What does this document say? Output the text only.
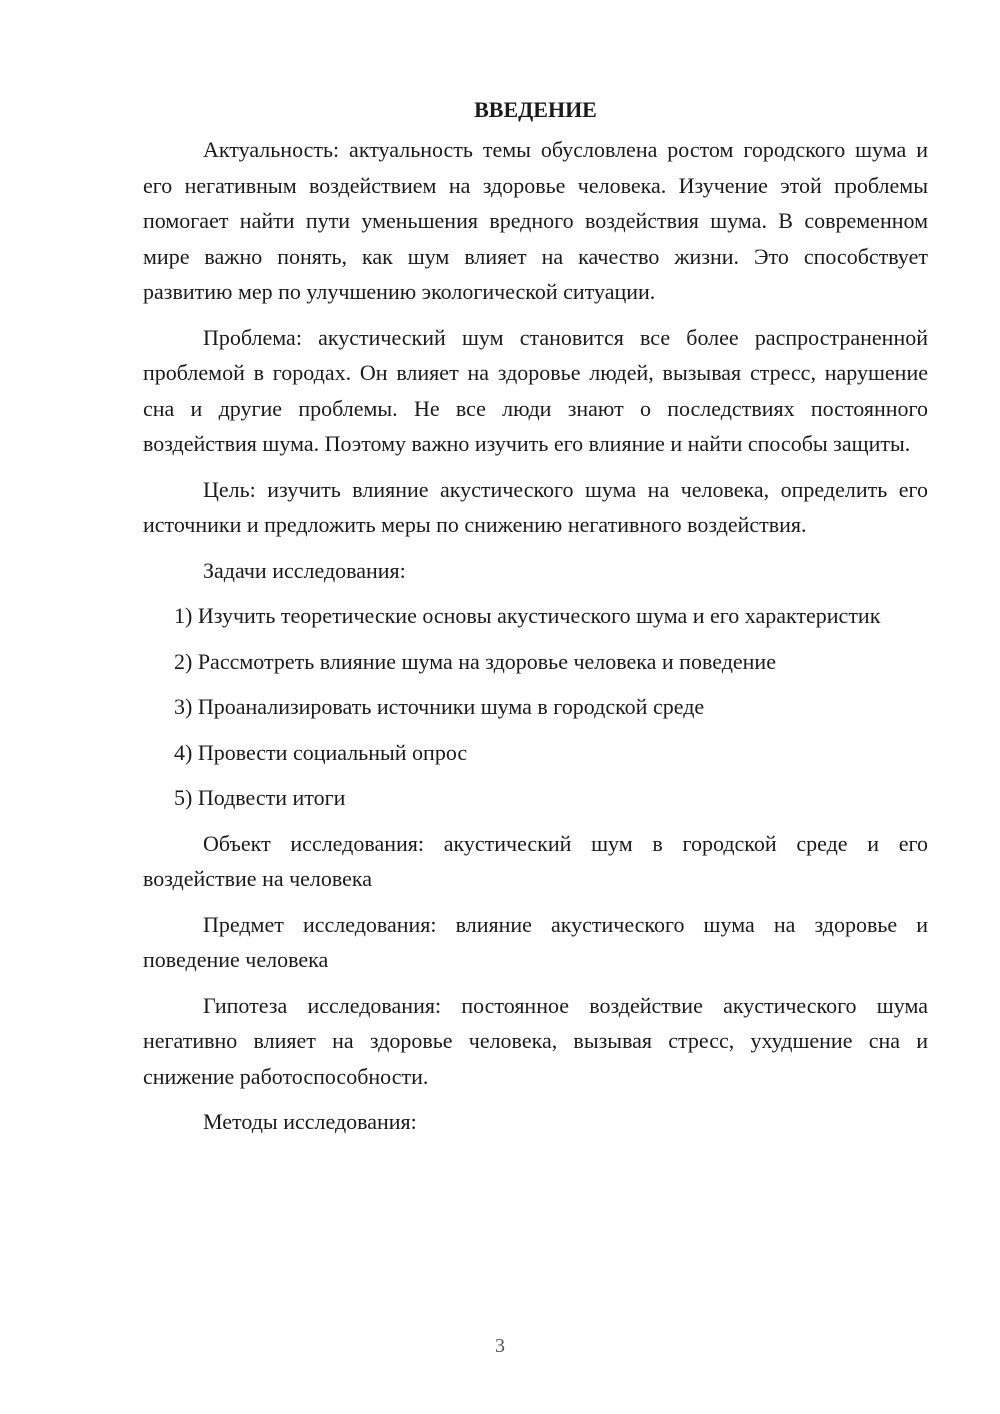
ВВЕДЕНИЕ

Актуальность: актуальность темы обусловлена ростом городского шума и его негативным воздействием на здоровье человека. Изучение этой проблемы помогает найти пути уменьшения вредного воздействия шума. В современном мире важно понять, как шум влияет на качество жизни. Это способствует развитию мер по улучшению экологической ситуации.

Проблема: акустический шум становится все более распространенной проблемой в городах. Он влияет на здоровье людей, вызывая стресс, нарушение сна и другие проблемы. Не все люди знают о последствиях постоянного воздействия шума. Поэтому важно изучить его влияние и найти способы защиты.

Цель: изучить влияние акустического шума на человека, определить его источники и предложить меры по снижению негативного воздействия.

Задачи исследования:

1) Изучить теоретические основы акустического шума и его характеристик

2) Рассмотреть влияние шума на здоровье человека и поведение

3) Проанализировать источники шума в городской среде

4) Провести социальный опрос

5) Подвести итоги

Объект исследования: акустический шум в городской среде и его воздействие на человека

Предмет исследования: влияние акустического шума на здоровье и поведение человека

Гипотеза исследования: постоянное воздействие акустического шума негативно влияет на здоровье человека, вызывая стресс, ухудшение сна и снижение работоспособности.

Методы исследования:

3
